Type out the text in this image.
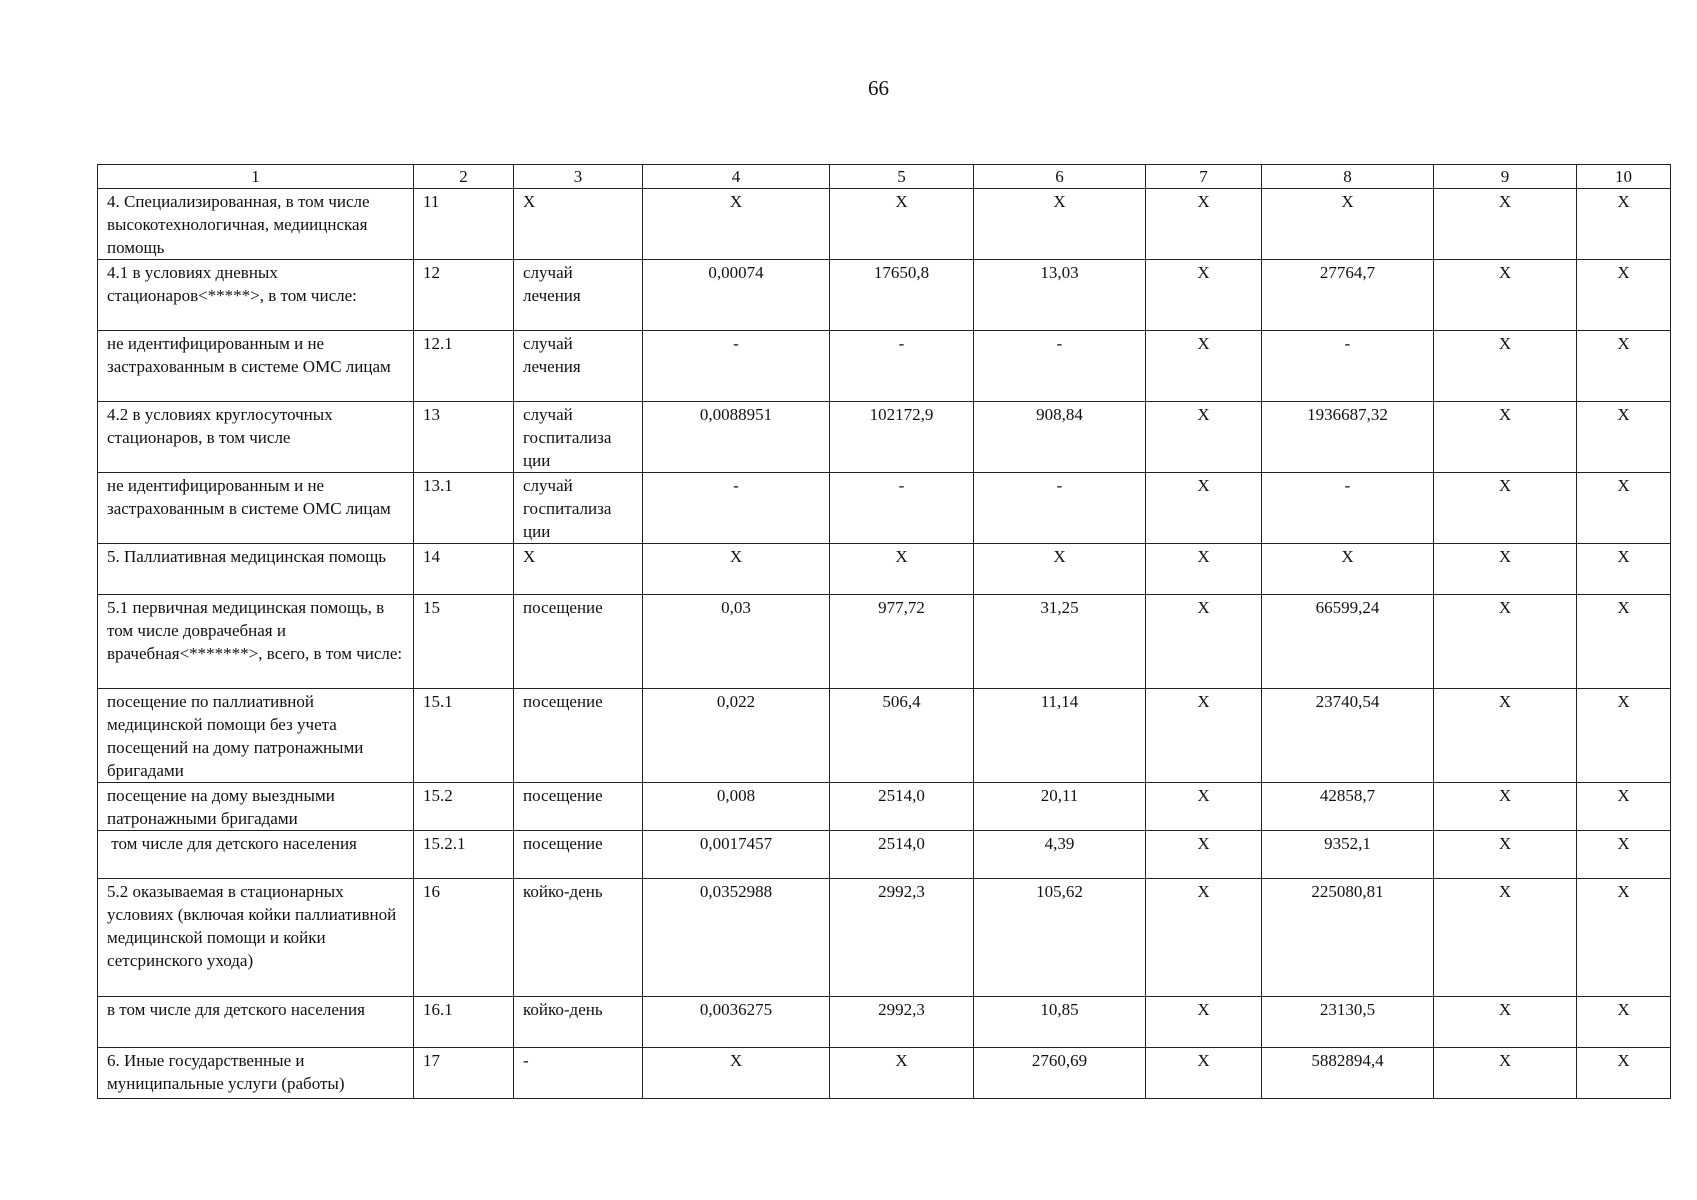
66
1	2	3	4	5	6	7	8	9	10
4. Специализированная, в том числе высокотехнологичная, медиицнская помощь	11	Х	Х	Х	Х	Х	Х	Х	Х
4.1 в условиях дневных стационаров<*****>, в том числе:	12	случай лечения	0,00074	17650,8	13,03	Х	27764,7	Х	Х
не идентифицированным и не застрахованным в системе ОМС лицам	12.1	случай лечения	-	-	-	Х	-	Х	Х
4.2 в условиях круглосуточных стационаров, в том числе	13	случай госпитализа ции	0,0088951	102172,9	908,84	Х	1936687,32	Х	Х
не идентифицированным и не застрахованным в системе ОМС лицам	13.1	случай госпитализа ции	-	-	-	Х	-	Х	Х
5. Паллиативная медицинская помощь	14	Х	Х	Х	Х	Х	Х	Х	Х
5.1 первичная медицинская помощь, в том числе доврачебная и врачебная<*******>, всего, в том числе:	15	посещение	0,03	977,72	31,25	Х	66599,24	Х	Х
посещение по паллиативной медицинской помощи без учета посещений на дому патронажными бригадами	15.1	посещение	0,022	506,4	11,14	Х	23740,54	Х	Х
посещение на дому выездными патронажными бригадами	15.2	посещение	0,008	2514,0	20,11	Х	42858,7	Х	Х
том числе для детского населения	15.2.1	посещение	0,0017457	2514,0	4,39	Х	9352,1	Х	Х
5.2 оказываемая в стационарных условиях (включая койки паллиативной медицинской помощи и койки сетсринского ухода)	16	койко-день	0,0352988	2992,3	105,62	Х	225080,81	Х	Х
в том числе для детского населения	16.1	койко-день	0,0036275	2992,3	10,85	Х	23130,5	Х	Х
6. Иные государственные и муниципальные услуги (работы)	17	-	Х	Х	2760,69	Х	5882894,4	Х	Х
